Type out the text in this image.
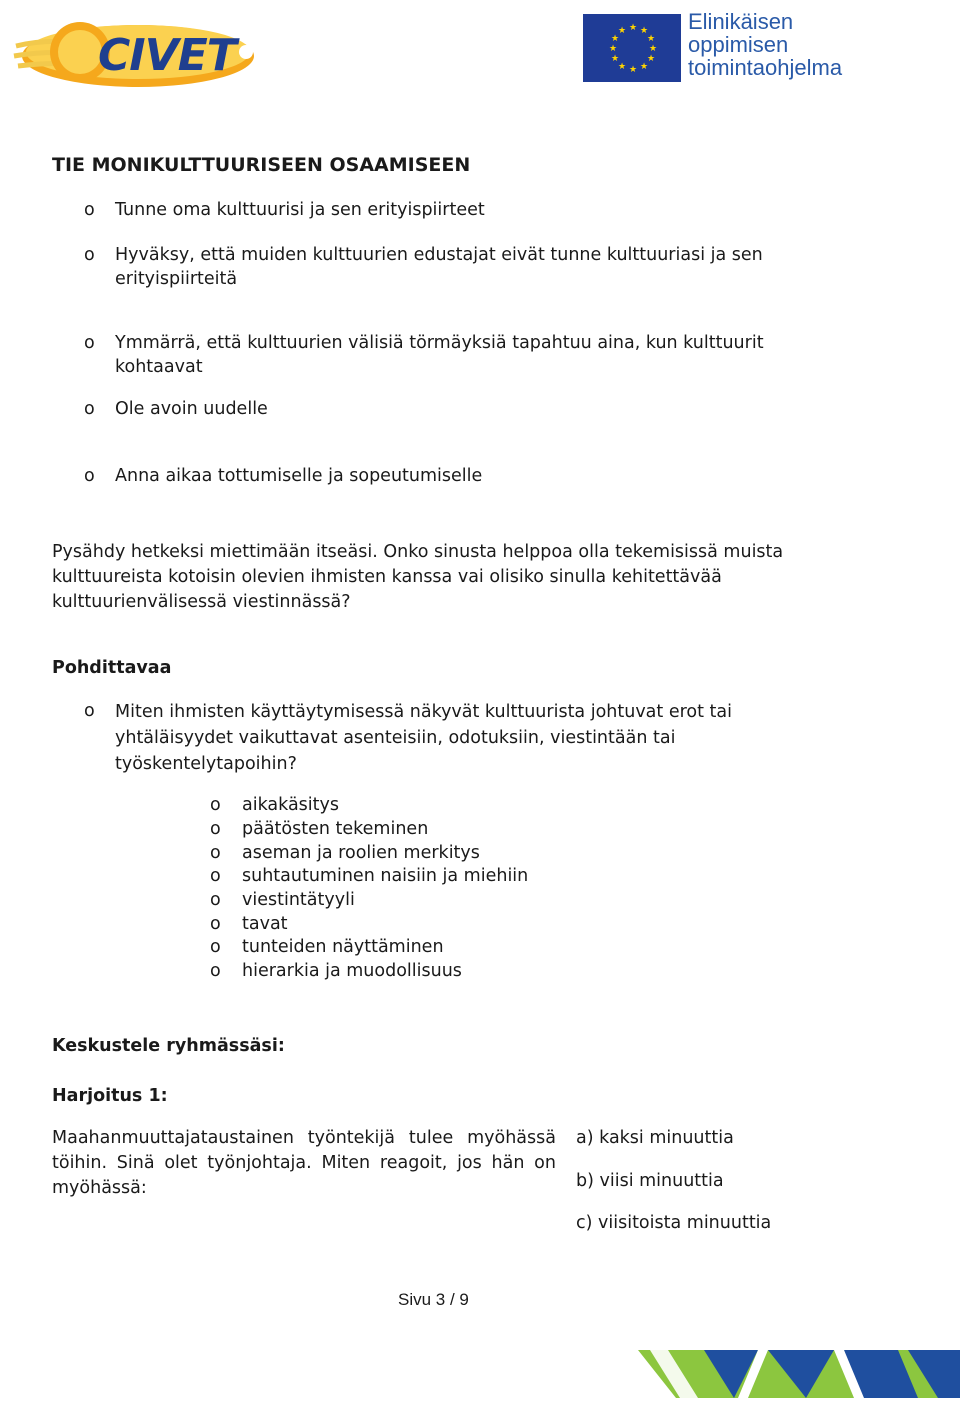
CIVET
★ ★
★
★
★
★
★
★
★
★
★
★	Elinikäisen
oppimisen
toimintaohjelma
TIE MONIKULTTUURISEEN OSAAMISEEN
o Tunne oma kulttuurisi ja sen erityispiirteet
o Hyväksy, että muiden kulttuurien edustajat eivät tunne kulttuuriasi ja sen erityispiirteitä
o Ymmärrä, että kulttuurien välisiä törmäyksiä tapahtuu aina, kun kulttuurit kohtaavat
o Ole avoin uudelle
o Anna aikaa tottumiselle ja sopeutumiselle
Pysähdy hetkeksi miettimään itseäsi. Onko sinusta helppoa olla tekemisissä muista kulttuureista kotoisin olevien ihmisten kanssa vai olisiko sinulla kehitettävää kulttuurienvälisessä viestinnässä?
Pohdittavaa
o Miten ihmisten käyttäytymisessä näkyvät kulttuurista johtuvat erot tai yhtäläisyydet vaikuttavat asenteisiin, odotuksiin, viestintään tai työskentelytapoihin?
o aikakäsitys
o päätösten tekeminen
o aseman ja roolien merkitys
o suhtautuminen naisiin ja miehiin
o viestintätyyli
o tavat
o tunteiden näyttäminen
o hierarkia ja muodollisuus
Keskustele ryhmässäsi:
Harjoitus 1:
Maahanmuuttajataustainen työntekijä tulee myöhässä töihin. Sinä olet työnjohtaja. Miten reagoit, jos hän on myöhässä:
a) kaksi minuuttia
b) viisi minuuttia
c) viisitoista minuuttia
Sivu 3 / 9
